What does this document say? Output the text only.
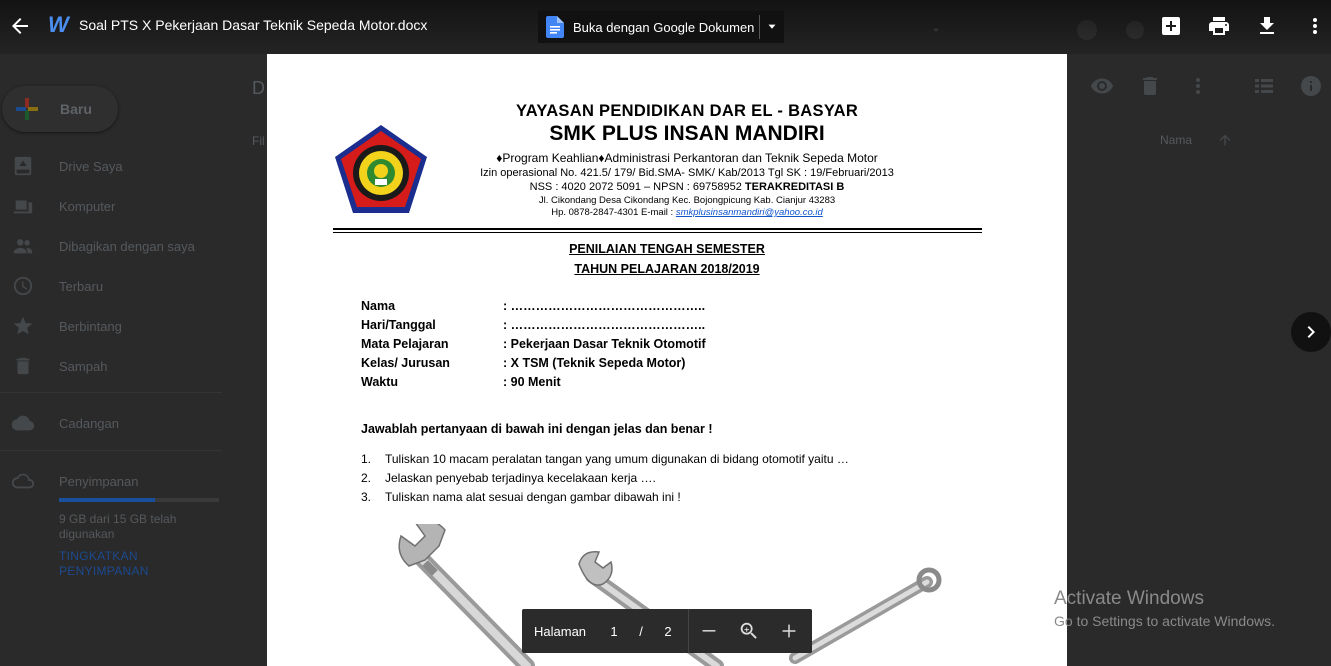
Baru
Drive Saya
Komputer
Dibagikan dengan saya
Terbaru
Berbintang
Sampah
Cadangan
Penyimpanan
9 GB dari 15 GB telah digunakan
TINGKATKAN PENYIMPANAN
D
Fil	Nama
W Soal PTS X Pekerjaan Dasar Teknik Sepeda Motor.docx	Buka dengan Google Dokumen
YAYASAN PENDIDIKAN DAR EL - BASYAR
SMK PLUS INSAN MANDIRI
♦Program Keahlian♦Administrasi Perkantoran dan Teknik Sepeda Motor
Izin operasional No. 421.5/ 179/ Bid.SMA- SMK/ Kab/2013 Tgl SK : 19/Februari/2013
NSS : 4020 2072 5091 – NPSN : 69758952 TERAKREDITASI B
Jl. Cikondang Desa Cikondang Kec. Bojongpicung Kab. Cianjur 43283
Hp. 0878-2847-4301 E-mail : smkplusinsanmandiri@yahoo.co.id
PENILAIAN TENGAH SEMESTER
TAHUN PELAJARAN 2018/2019
Nama	: ………………………………………..
Hari/Tanggal	: ………………………………………..
Mata Pelajaran	: Pekerjaan Dasar Teknik Otomotif
Kelas/ Jurusan	: X TSM (Teknik Sepeda Motor)
Waktu	: 90 Menit
Jawablah pertanyaan di bawah ini dengan jelas dan benar !
1. Tuliskan 10 macam peralatan tangan yang umum digunakan di bidang otomotif yaitu …
2. Jelaskan penyebab terjadinya kecelakaan kerja ….
3. Tuliskan nama alat sesuai dengan gambar dibawah ini !
Halaman	1	/	2
Activate Windows
Go to Settings to activate Windows.
